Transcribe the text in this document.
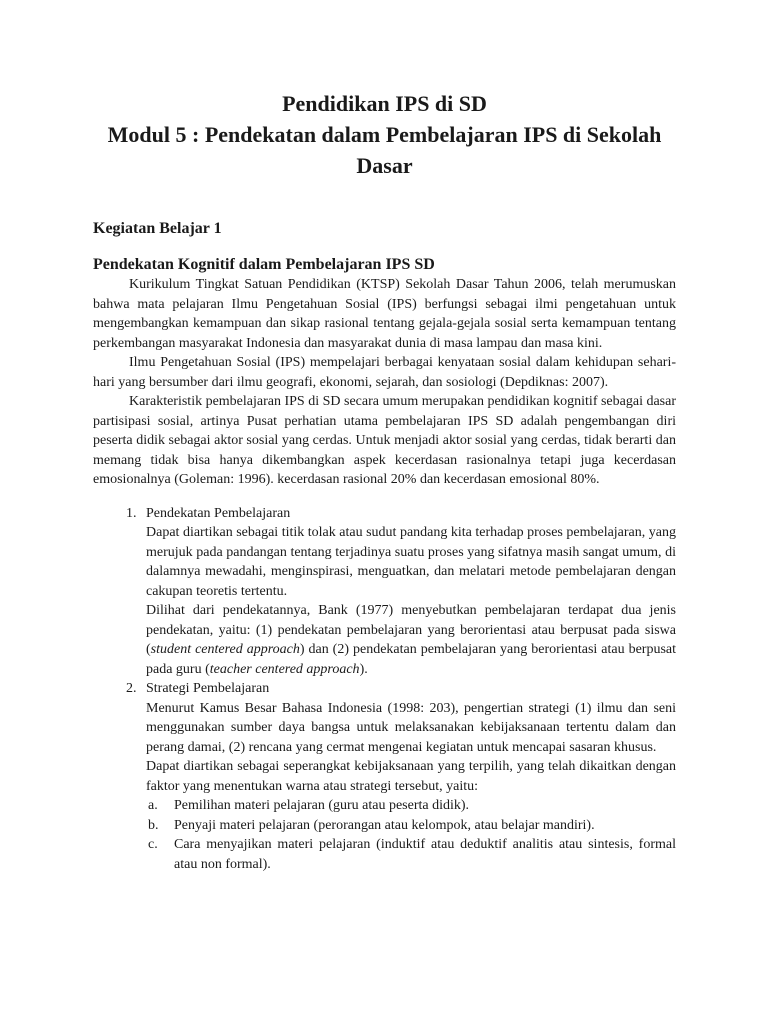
Pendidikan IPS di SD
Modul 5 : Pendekatan dalam Pembelajaran IPS di Sekolah Dasar
Kegiatan Belajar 1
Pendekatan Kognitif dalam Pembelajaran IPS SD

Kurikulum Tingkat Satuan Pendidikan (KTSP) Sekolah Dasar Tahun 2006, telah merumuskan bahwa mata pelajaran Ilmu Pengetahuan Sosial (IPS) berfungsi sebagai ilmi pengetahuan untuk mengembangkan kemampuan dan sikap rasional tentang gejala-gejala sosial serta kemampuan tentang perkembangan masyarakat Indonesia dan masyarakat dunia di masa lampau dan masa kini.

Ilmu Pengetahuan Sosial (IPS) mempelajari berbagai kenyataan sosial dalam kehidupan sehari-hari yang bersumber dari ilmu geografi, ekonomi, sejarah, dan sosiologi (Depdiknas: 2007).

Karakteristik pembelajaran IPS di SD secara umum merupakan pendidikan kognitif sebagai dasar partisipasi sosial, artinya Pusat perhatian utama pembelajaran IPS SD adalah pengembangan diri peserta didik sebagai aktor sosial yang cerdas. Untuk menjadi aktor sosial yang cerdas, tidak berarti dan memang tidak bisa hanya dikembangkan aspek kecerdasan rasionalnya tetapi juga kecerdasan emosionalnya (Goleman: 1996). kecerdasan rasional 20% dan kecerdasan emosional 80%.

1. Pendekatan Pembelajaran
Dapat diartikan sebagai titik tolak atau sudut pandang kita terhadap proses pembelajaran, yang merujuk pada pandangan tentang terjadinya suatu proses yang sifatnya masih sangat umum, di dalamnya mewadahi, menginspirasi, menguatkan, dan melatari metode pembelajaran dengan cakupan teoretis tertentu.
Dilihat dari pendekatannya, Bank (1977) menyebutkan pembelajaran terdapat dua jenis pendekatan, yaitu: (1) pendekatan pembelajaran yang berorientasi atau berpusat pada siswa (student centered approach) dan (2) pendekatan pembelajaran yang berorientasi atau berpusat pada guru (teacher centered approach).
2. Strategi Pembelajaran
Menurut Kamus Besar Bahasa Indonesia (1998: 203), pengertian strategi (1) ilmu dan seni menggunakan sumber daya bangsa untuk melaksanakan kebijaksanaan tertentu dalam dan perang damai, (2) rencana yang cermat mengenai kegiatan untuk mencapai sasaran khusus.
Dapat diartikan sebagai seperangkat kebijaksanaan yang terpilih, yang telah dikaitkan dengan faktor yang menentukan warna atau strategi tersebut, yaitu:
a. Pemilihan materi pelajaran (guru atau peserta didik).
b. Penyaji materi pelajaran (perorangan atau kelompok, atau belajar mandiri).
c. Cara menyajikan materi pelajaran (induktif atau deduktif analitis atau sintesis, formal atau non formal).
